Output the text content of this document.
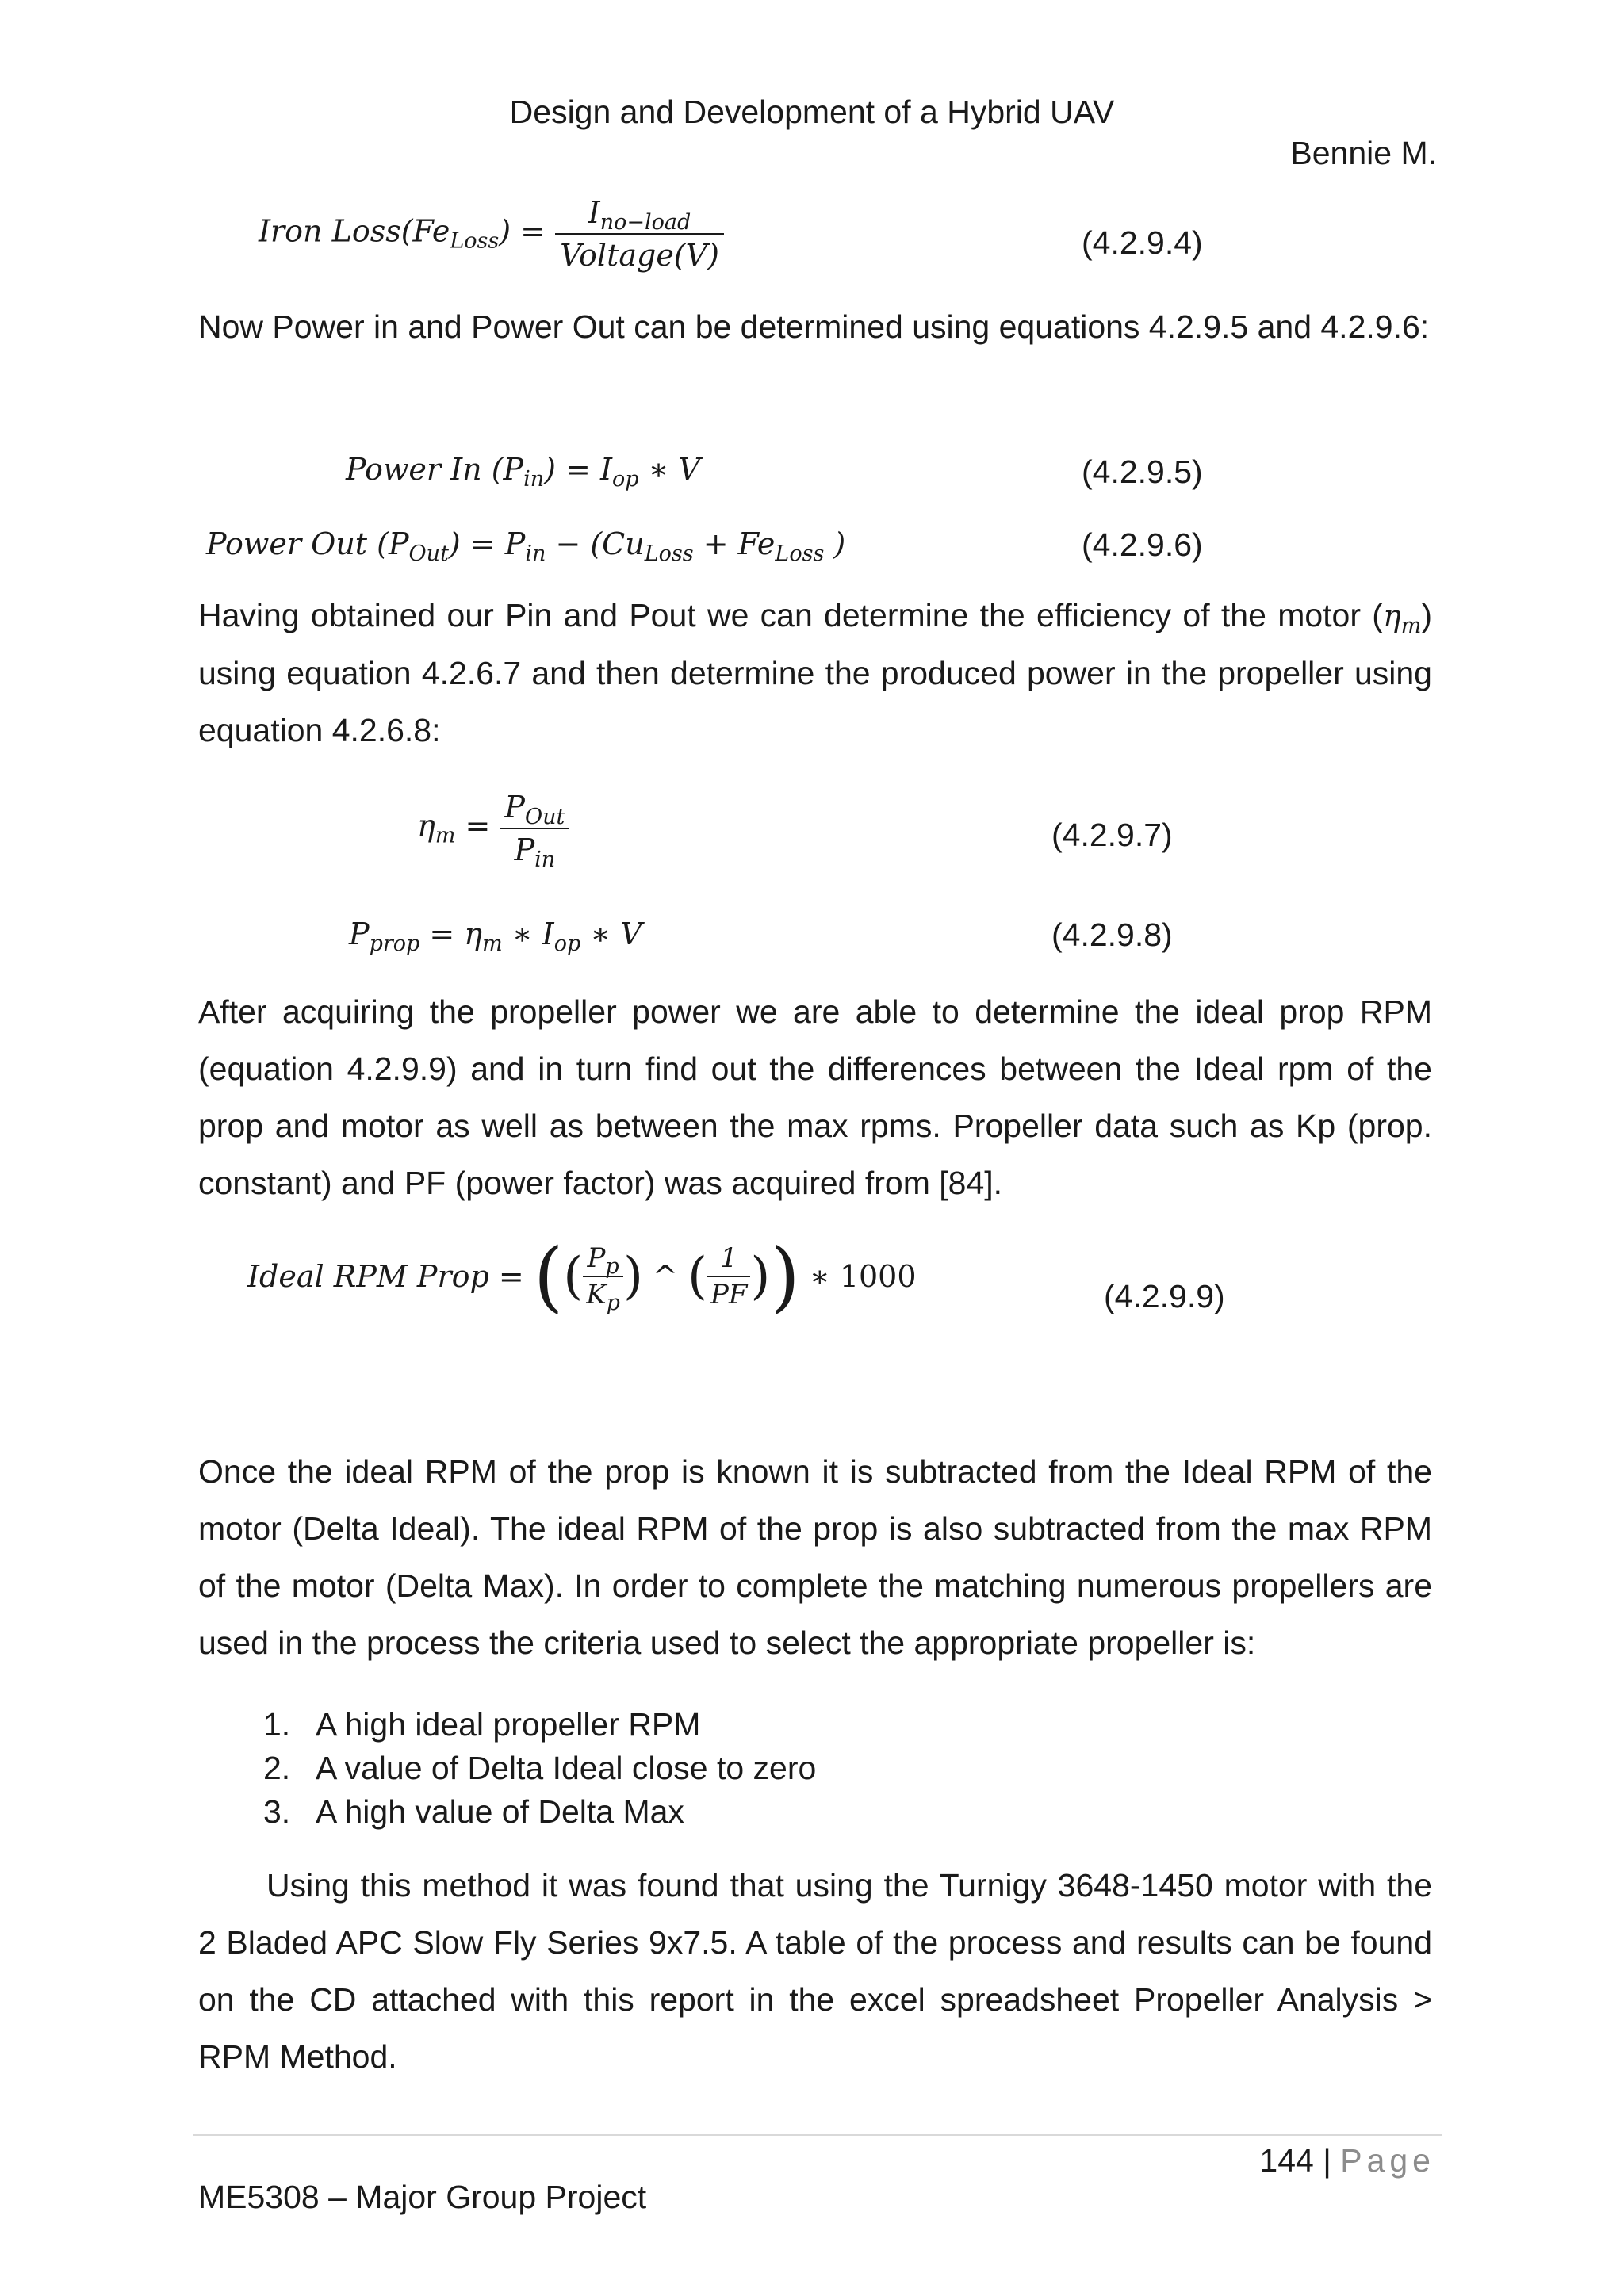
Design and Development of a Hybrid UAV
Bennie M.
Iron $Loss(Fe_{Loss}) = \frac{I_{no-load}}{\text{Voltage(V)}}$	(4.2.9.4)
Now Power in and Power Out can be determined using equations 4.2.9.5 and 4.2.9.6:
Power In $(P_{in}) = I_{op}$ ∗ V	(4.2.9.5)
Power Out $(P_{Out}) = P_{in} - (Cu_{Loss} + Fe_{Loss}$ )	(4.2.9.6)
Having obtained our Pin and Pout we can determine the efficiency of the motor $(\eta_m)$ using equation 4.2.6.7 and then determine the produced power in the propeller using equation 4.2.6.8:
$\eta_m = \frac{P_{Out}}{P_{in}}$	(4.2.9.7)
$P_{prop} = \eta_m$ ∗ $I_{op}$ ∗ V	(4.2.9.8)
After acquiring the propeller power we are able to determine the ideal prop RPM (equation 4.2.9.9) and in turn find out the differences between the Ideal rpm of the prop and motor as well as between the max rpms. Propeller data such as Kp (prop. constant) and PF (power factor) was acquired from [84].
Ideal RPM Prop = (( $\frac{P_p}{K_p}$ ) ^ ( $\frac{1}{PF}$ )) ∗ 1000
(4.2.9.9)
Once the ideal RPM of the prop is known it is subtracted from the Ideal RPM of the motor (Delta Ideal). The ideal RPM of the prop is also subtracted from the max RPM of the motor (Delta Max). In order to complete the matching numerous propellers are used in the process the criteria used to select the appropriate propeller is:
1. A high ideal propeller RPM
2. A value of Delta Ideal close to zero
3. A high value of Delta Max
Using this method it was found that using the Turnigy 3648-1450 motor with the 2 Bladed APC Slow Fly Series 9x7.5. A table of the process and results can be found on the CD attached with this report in the excel spreadsheet Propeller Analysis > RPM Method.
144 | Page
ME5308 – Major Group Project
